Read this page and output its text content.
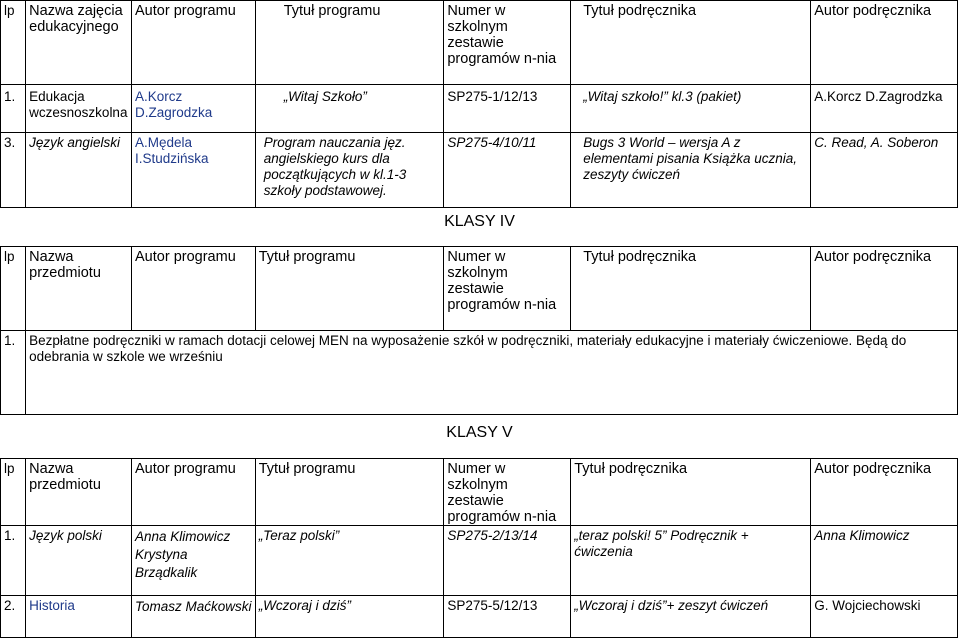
lp	Nazwa zajęcia edukacyjnego	Autor programu	Tytuł programu	Numer w szkolnym zestawie programów n-nia	Tytuł podręcznika	Autor podręcznika
1.	Edukacja wczesnoszkolna	A.Korcz D.Zagrodzka	„Witaj Szkoło”	SP275-1/12/13	„Witaj szkoło!” kl.3 (pakiet)	A.Korcz D.Zagrodzka
3.	Język angielski	A.Mędela I.Studzińska	Program nauczania jęz. angielskiego kurs dla początkujących w kl.1-3 szkoły podstawowej.	SP275-4/10/11	Bugs 3 World – wersja A z elementami pisania Książka ucznia, zeszyty ćwiczeń	C. Read, A. Soberon
KLASY IV
lp	Nazwa przedmiotu	Autor programu	Tytuł programu	Numer w szkolnym zestawie programów n-nia	Tytuł podręcznika	Autor podręcznika
1.	Bezpłatne podręczniki w ramach dotacji celowej MEN na wyposażenie szkół w podręczniki, materiały edukacyjne i materiały ćwiczeniowe. Będą do odebrania w szkole we wrześniu					
KLASY V
lp	Nazwa przedmiotu	Autor programu	Tytuł programu	Numer w szkolnym zestawie programów n-nia	Tytuł podręcznika	Autor podręcznika
1.	Język polski	Anna Klimowicz Krystyna Brządkalik	„Teraz polski”	SP275-2/13/14	„teraz polski! 5” Podręcznik + ćwiczenia	Anna Klimowicz
2.	Historia	Tomasz Maćkowski	„Wczoraj i dziś”	SP275-5/12/13	„Wczoraj i dziś”+ zeszyt ćwiczeń	G. Wojciechowski
